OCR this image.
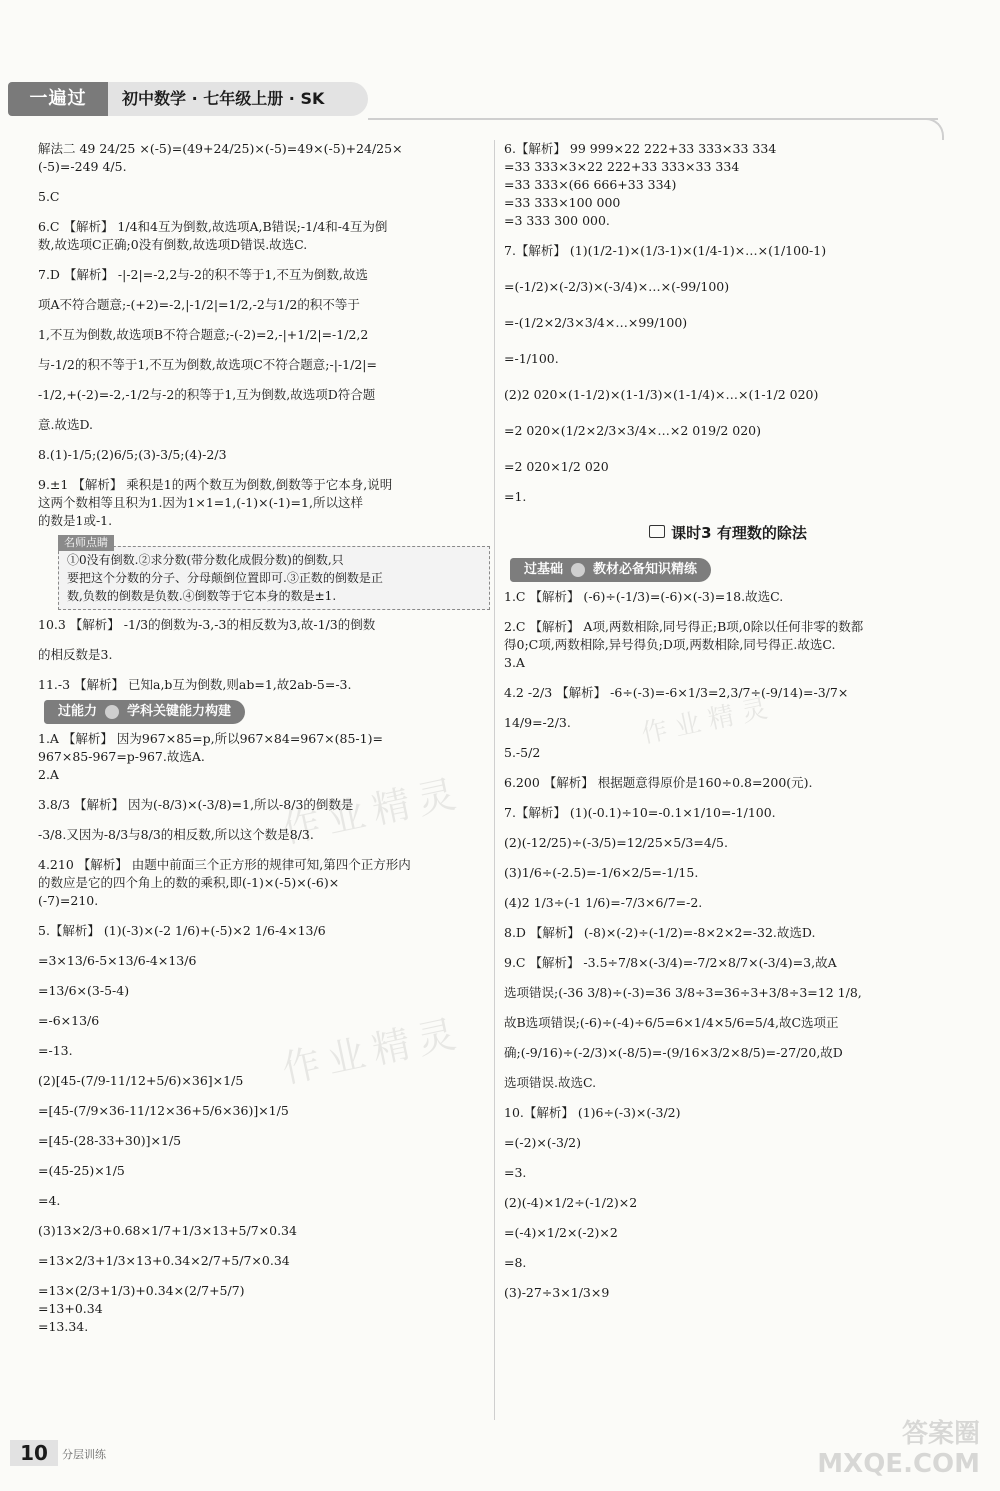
一遍过	初中数学 · 七年级上册 · SK

解法二 49 24/25 ×(-5)=(49+24/25)×(-5)=49×(-5)+24/25×

(-5)=-249 4/5.

5.C

6.C 【解析】 1/4和4互为倒数,故选项A,B错误;-1/4和-4互为倒

数,故选项C正确;0没有倒数,故选项D错误.故选C.

7.D 【解析】 -|-2|=-2,2与-2的积不等于1,不互为倒数,故选

项A不符合题意;-(+2)=-2,|-1/2|=1/2,-2与1/2的积不等于

1,不互为倒数,故选项B不符合题意;-(-2)=2,-|+1/2|=-1/2,2

与-1/2的积不等于1,不互为倒数,故选项C不符合题意;-|-1/2|=

-1/2,+(-2)=-2,-1/2与-2的积等于1,互为倒数,故选项D符合题

意.故选D.

8.(1)-1/5;(2)6/5;(3)-3/5;(4)-2/3

9.±1 【解析】 乘积是1的两个数互为倒数,倒数等于它本身,说明

这两个数相等且积为1.因为1×1=1,(-1)×(-1)=1,所以这样

的数是1或-1.

名师点睛

①0没有倒数.②求分数(带分数化成假分数)的倒数,只

要把这个分数的分子、分母颠倒位置即可.③正数的倒数是正

数,负数的倒数是负数.④倒数等于它本身的数是±1.

10.3 【解析】 -1/3的倒数为-3,-3的相反数为3,故-1/3的倒数

的相反数是3.

11.-3 【解析】 已知a,b互为倒数,则ab=1,故2ab-5=-3.

过能力 学科关键能力构建

1.A 【解析】 因为967×85=p,所以967×84=967×(85-1)=

967×85-967=p-967.故选A.

2.A

3.8/3 【解析】 因为(-8/3)×(-3/8)=1,所以-8/3的倒数是

-3/8.又因为-8/3与8/3的相反数,所以这个数是8/3.

4.210 【解析】 由题中前面三个正方形的规律可知,第四个正方形内

的数应是它的四个角上的数的乘积,即(-1)×(-5)×(-6)×

(-7)=210.

5.【解析】 (1)(-3)×(-2 1/6)+(-5)×2 1/6-4×13/6

=3×13/6-5×13/6-4×13/6

=13/6×(3-5-4)

=-6×13/6

=-13.

(2)[45-(7/9-11/12+5/6)×36]×1/5

=[45-(7/9×36-11/12×36+5/6×36)]×1/5

=[45-(28-33+30)]×1/5

=(45-25)×1/5

=4.

(3)13×2/3+0.68×1/7+1/3×13+5/7×0.34

=13×2/3+1/3×13+0.34×2/7+5/7×0.34

=13×(2/3+1/3)+0.34×(2/7+5/7)

=13+0.34

=13.34.

6.【解析】 99 999×22 222+33 333×33 334

=33 333×3×22 222+33 333×33 334

=33 333×(66 666+33 334)

=33 333×100 000

=3 333 300 000.

7.【解析】 (1)(1/2-1)×(1/3-1)×(1/4-1)×…×(1/100-1)

=(-1/2)×(-2/3)×(-3/4)×…×(-99/100)

=-(1/2×2/3×3/4×…×99/100)

=-1/100.

(2)2 020×(1-1/2)×(1-1/3)×(1-1/4)×…×(1-1/2 020)

=2 020×(1/2×2/3×3/4×…×2 019/2 020)

=2 020×1/2 020

=1.

课时3 有理数的除法
过基础 教材必备知识精练

1.C 【解析】 (-6)÷(-1/3)=(-6)×(-3)=18.故选C.

2.C 【解析】 A项,两数相除,同号得正;B项,0除以任何非零的数都

得0;C项,两数相除,异号得负;D项,两数相除,同号得正.故选C.

3.A

4.2 -2/3 【解析】 -6÷(-3)=-6×1/3=2,3/7÷(-9/14)=-3/7×

14/9=-2/3.

5.-5/2

6.200 【解析】 根据题意得原价是160÷0.8=200(元).

7.【解析】 (1)(-0.1)÷10=-0.1×1/10=-1/100.

(2)(-12/25)÷(-3/5)=12/25×5/3=4/5.

(3)1/6÷(-2.5)=-1/6×2/5=-1/15.

(4)2 1/3÷(-1 1/6)=-7/3×6/7=-2.

8.D 【解析】 (-8)×(-2)÷(-1/2)=-8×2×2=-32.故选D.

9.C 【解析】 -3.5÷7/8×(-3/4)=-7/2×8/7×(-3/4)=3,故A

选项错误;(-36 3/8)÷(-3)=36 3/8÷3=36÷3+3/8÷3=12 1/8,

故B选项错误;(-6)÷(-4)÷6/5=6×1/4×5/6=5/4,故C选项正

确;(-9/16)÷(-2/3)×(-8/5)=-(9/16×3/2×8/5)=-27/20,故D

选项错误.故选C.

10.【解析】 (1)6÷(-3)×(-3/2)

=(-2)×(-3/2)

=3.

(2)(-4)×1/2÷(-1/2)×2

=(-4)×1/2×(-2)×2

=8.

(3)-27÷3×1/3×9

作业精灵
作业精灵
作业精灵
10	分层训练
答案圈
MXQE.COM
